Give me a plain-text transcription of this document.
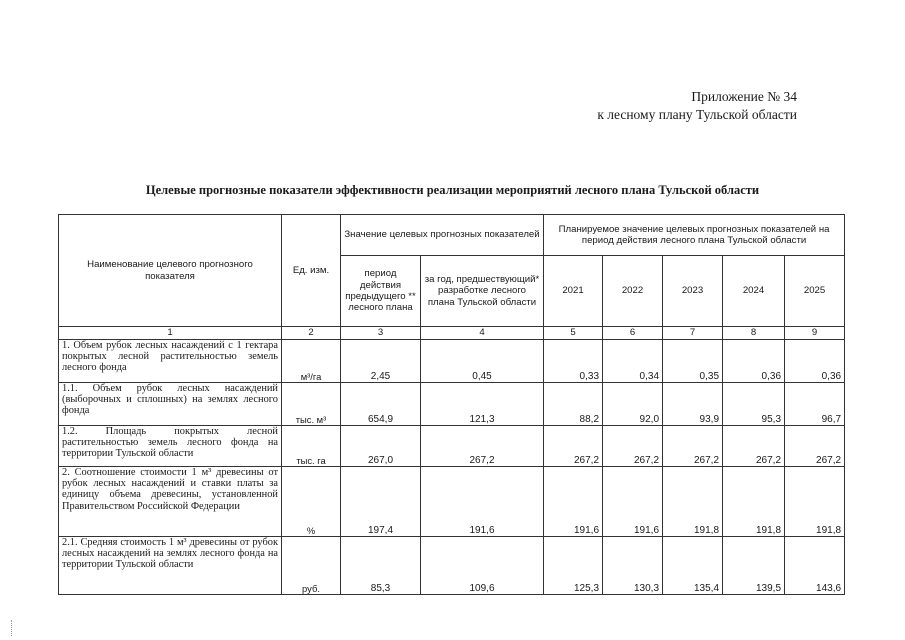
Приложение № 34
к лесному плану Тульской области
Целевые прогнозные показатели эффективности реализации мероприятий лесного плана Тульской области
Наименование целевого прогнозного показателя	Ед. изм.	Значение целевых прогнозных показателей		Планируемое значение целевых прогнозных показателей на период действия лесного плана Тульской области				
		период действия предыдущего ** лесного плана	за год, предшествующий* разработке лесного плана Тульской области	2021	2022	2023	2024	2025
1	2	3	4	5	6	7	8	9
1. Объем рубок лесных насаждений с 1 гектара покрытых лесной растительностью земель лесного фонда	м³/га	2,45	0,45	0,33	0,34	0,35	0,36	0,36
1.1. Объем рубок лесных насаждений (выборочных и сплошных) на землях лесного фонда	тыс. м³	654,9	121,3	88,2	92,0	93,9	95,3	96,7
1.2. Площадь покрытых лесной растительностью земель лесного фонда на территории Тульской области	тыс. га	267,0	267,2	267,2	267,2	267,2	267,2	267,2
2. Соотношение стоимости 1 м³ древесины от рубок лесных насаждений и ставки платы за единицу объема древесины, установленной Правительством Российской Федерации	%	197,4	191,6	191,6	191,6	191,8	191,8	191,8
2.1. Средняя стоимость 1 м³ древесины от рубок лесных насаждений на землях лесного фонда на территории Тульской области	руб.	85,3	109,6	125,3	130,3	135,4	139,5	143,6
